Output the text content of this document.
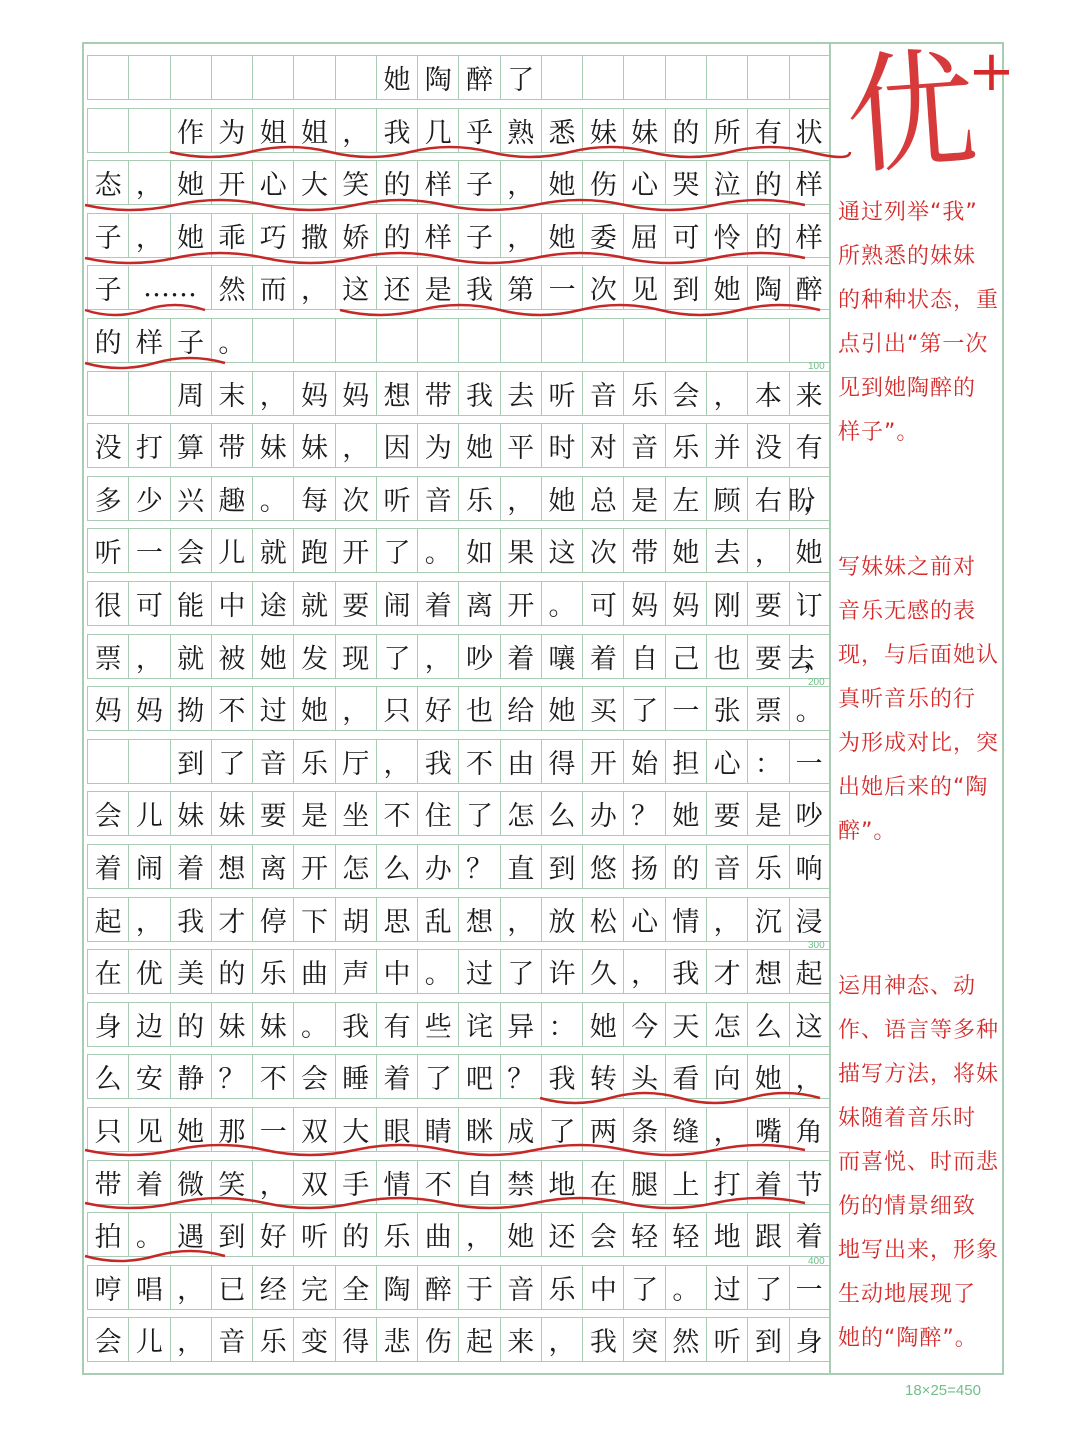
她 陶 醉 了
作 为 姐 姐 ， 我 几 乎 熟 悉 妹 妹 的 所 有 状
态 ， 她 开 心 大 笑 的 样 子 ， 她 伤 心 哭 泣 的 样
子 ， 她 乖 巧 撒 娇 的 样 子 ， 她 委 屈 可 怜 的 样
子 …… 然 而 ， 这 还 是 我 第 一 次 见 到 她 陶 醉
的 样 子 。
周 末 ， 妈 妈 想 带 我 去 听 音 乐 会 ， 本 来
没 打 算 带 妹 妹 ， 因 为 她 平 时 对 音 乐 并 没 有
多 少 兴 趣 。 每 次 听 音 乐 ， 她 总 是 左 顾 右 盼，
听 一 会 儿 就 跑 开 了 。 如 果 这 次 带 她 去 ， 她
很 可 能 中 途 就 要 闹 着 离 开 。 可 妈 妈 刚 要 订
票 ， 就 被 她 发 现 了 ， 吵 着 嚷 着 自 己 也 要 去，
妈 妈 拗 不 过 她 ， 只 好 也 给 她 买 了 一 张 票 。
到 了 音 乐 厅 ， 我 不 由 得 开 始 担 心 ： 一
会 儿 妹 妹 要 是 坐 不 住 了 怎 么 办 ？ 她 要 是 吵
着 闹 着 想 离 开 怎 么 办 ？ 直 到 悠 扬 的 音 乐 响
起 ， 我 才 停 下 胡 思 乱 想 ， 放 松 心 情 ， 沉 浸
在 优 美 的 乐 曲 声 中 。 过 了 许 久 ， 我 才 想 起
身 边 的 妹 妹 。 我 有 些 诧 异 ： 她 今 天 怎 么 这
么 安 静 ？ 不 会 睡 着 了 吧 ？ 我 转 头 看 向 她 ，
只 见 她 那 一 双 大 眼 睛 眯 成 了 两 条 缝 ， 嘴 角
带 着 微 笑 ， 双 手 情 不 自 禁 地 在 腿 上 打 着 节
拍 。 遇 到 好 听 的 乐 曲 ， 她 还 会 轻 轻 地 跟 着
哼 唱 ， 已 经 完 全 陶 醉 于 音 乐 中 了 。 过 了 一
会 儿 ， 音 乐 变 得 悲 伤 起 来 ， 我 突 然 听 到 身
100
200
300
400
通过列举“我”
所熟悉的妹妹
的种种状态，重
点引出“第一次
见到她陶醉的
样子”。
写妹妹之前对
音乐无感的表
现，与后面她认
真听音乐的行
为形成对比，突
出她后来的“陶
醉”。
运用神态、动
作、语言等多种
描写方法，将妹
妹随着音乐时
而喜悦、时而悲
伤的情景细致
地写出来，形象
生动地展现了
她的“陶醉”。
优
+
18×25=450
